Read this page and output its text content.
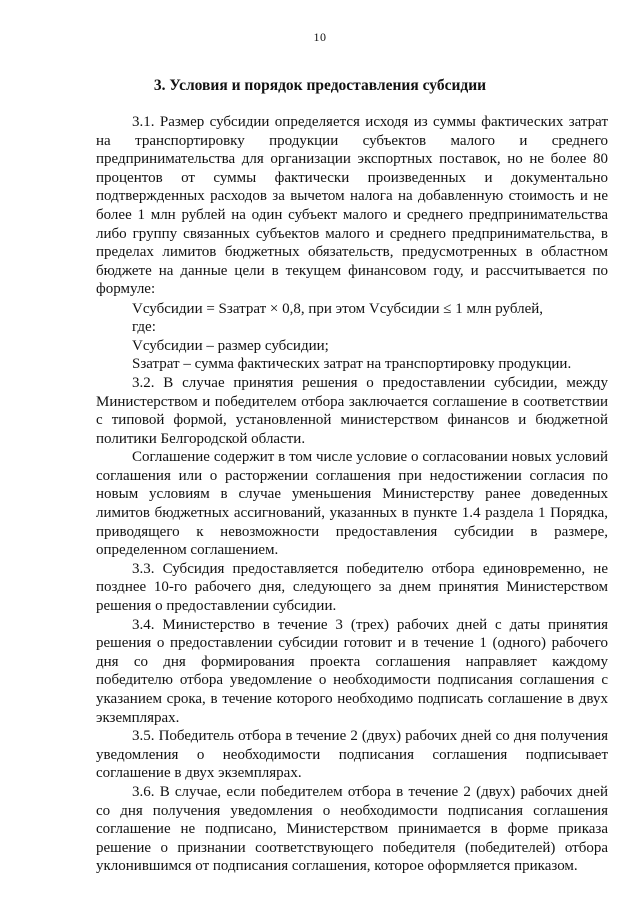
10
3. Условия и порядок предоставления субсидии

3.1. Размер субсидии определяется исходя из суммы фактических затрат на транспортировку продукции субъектов малого и среднего предпринимательства для организации экспортных поставок, но не более 80 процентов от суммы фактически произведенных и документально подтвержденных расходов за вычетом налога на добавленную стоимость и не более 1 млн рублей на один субъект малого и среднего предпринимательства либо группу связанных субъектов малого и среднего предпринимательства, в пределах лимитов бюджетных обязательств, предусмотренных в областном бюджете на данные цели в текущем финансовом году, и рассчитывается по формуле:

Vсубсидии = Sзатрат × 0,8, при этом Vсубсидии ≤ 1 млн рублей,

где:

Vсубсидии – размер субсидии;

Sзатрат – сумма фактических затрат на транспортировку продукции.

3.2. В случае принятия решения о предоставлении субсидии, между Министерством и победителем отбора заключается соглашение в соответствии с типовой формой, установленной министерством финансов и бюджетной политики Белгородской области.

Соглашение содержит в том числе условие о согласовании новых условий соглашения или о расторжении соглашения при недостижении согласия по новым условиям в случае уменьшения Министерству ранее доведенных лимитов бюджетных ассигнований, указанных в пункте 1.4 раздела 1 Порядка, приводящего к невозможности предоставления субсидии в размере, определенном соглашением.

3.3. Субсидия предоставляется победителю отбора единовременно, не позднее 10-го рабочего дня, следующего за днем принятия Министерством решения о предоставлении субсидии.

3.4. Министерство в течение 3 (трех) рабочих дней с даты принятия решения о предоставлении субсидии готовит и в течение 1 (одного) рабочего дня со дня формирования проекта соглашения направляет каждому победителю отбора уведомление о необходимости подписания соглашения с указанием срока, в течение которого необходимо подписать соглашение в двух экземплярах.

3.5. Победитель отбора в течение 2 (двух) рабочих дней со дня получения уведомления о необходимости подписания соглашения подписывает соглашение в двух экземплярах.

3.6. В случае, если победителем отбора в течение 2 (двух) рабочих дней со дня получения уведомления о необходимости подписания соглашения соглашение не подписано, Министерством принимается в форме приказа решение о признании соответствующего победителя (победителей) отбора уклонившимся от подписания соглашения, которое оформляется приказом.
